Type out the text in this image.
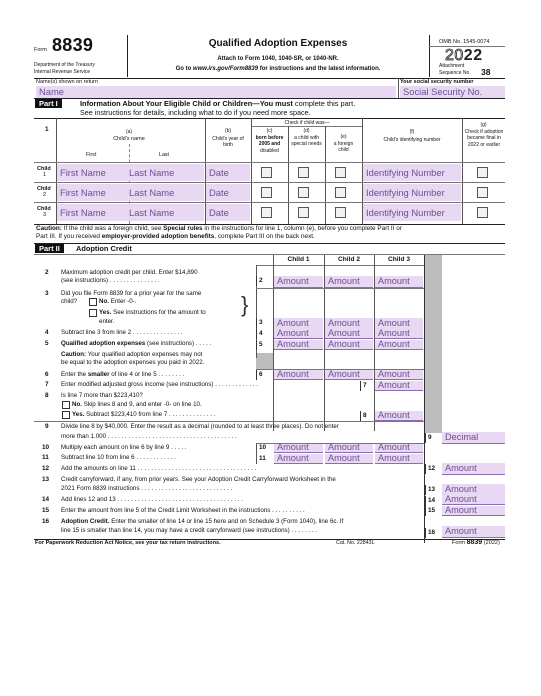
Form 8839
Department of the Treasury
Internal Revenue Service
Qualified Adoption Expenses
Attach to Form 1040, 1040-SR, or 1040-NR.
Go to www.irs.gov/Form8839 for instructions and the latest information.
OMB No. 1545-0074
2022
Attachment
Sequence No. 38
Name(s) shown on return	Your social security number
Name	Social Security No.
Part I	Information About Your Eligible Child or Children—You must complete this part.
See instructions for details, including what to do if you need more space.
1
Check if child was—
(a)
Child's name
First	Last
(b)
Child's year of birth
(c)
born before
2005 and
disabled
(d)
a child with special needs
(e)
a foreign child
(f)
Child's identifying number
(g)
Check if adoption became final in 2022 or earlier
Child
1	First Name	Last Name	Date	Identifying Number
Child
2	First Name	Last Name	Date	Identifying Number
Child
3	First Name	Last Name	Date	Identifying Number
Caution: If the child was a foreign child, see Special rules in the instructions for line 1, column (e), before you complete Part II or
Part III. If you received employer-provided adoption benefits, complete Part III on the back next.
Part II	Adoption Credit
Child 1	Child 2	Child 3
2 Maximum adoption credit per child. Enter $14,890
(see instructions) . . . . . . . . . . . . . . .	2	Amount	Amount	Amount
3 Did you file Form 8839 for a prior year for the same
child?	No. Enter -0-.
Yes. See instructions for the amount to
enter.
}
3	Amount	Amount	Amount
4 Subtract line 3 from line 2 . . . . . . . . . . . . . . .	4	Amount	Amount	Amount
5 Qualified adoption expenses (see instructions) . . . . .	5	Amount	Amount	Amount
Caution: Your qualified adoption expenses may not
be equal to the adoption expenses you paid in 2022.
6 Enter the smaller of line 4 or line 5 . . . . . . . .	6	Amount	Amount	Amount
7 Enter modified adjusted gross income (see instructions) . . . . . . . . . . . . .	7	Amount
8 Is line 7 more than $223,410?
No. Skip lines 8 and 9, and enter -0- on line 10.
Yes. Subtract $223,410 from line 7 . . . . . . . . . . . . . .	8	Amount
9 Divide line 8 by $40,000. Enter the result as a decimal (rounded to at least three places). Do not enter
more than 1.000 . . . . . . . . . . . . . . . . . . . . . . . . . . . . . . . . . . . . . .	9	Decimal
10 Multiply each amount on line 6 by line 9 . . . . .	10	Amount	Amount	Amount
11 Subtract line 10 from line 6 . . . . . . . . . . . .	11	Amount	Amount	Amount
12 Add the amounts on line 11 . . . . . . . . . . . . . . . . . . . . . . . . . . . . . . . . . . .	12	Amount
13 Credit carryforward, if any, from prior years. See your Adoption Credit Carryforward Worksheet in the
2021 Form 8839 instructions . . . . . . . . . . . . . . . . . . . . . . . . . . .	13	Amount
14 Add lines 12 and 13 . . . . . . . . . . . . . . . . . . . . . . . . . . . . . . . . . . . . .	14	Amount
15 Enter the amount from line 5 of the Credit Limit Worksheet in the instructions . . . . . . . . . .	15	Amount
16 Adoption Credit. Enter the smaller of line 14 or line 15 here and on Schedule 3 (Form 1040), line 6c. If
line 15 is smaller than line 14, you may have a credit carryforward (see instructions) . . . . . . . .	16	Amount
For Paperwork Reduction Act Notice, see your tax return instructions.	Cat. No. 22843L	Form 8839 (2022)
